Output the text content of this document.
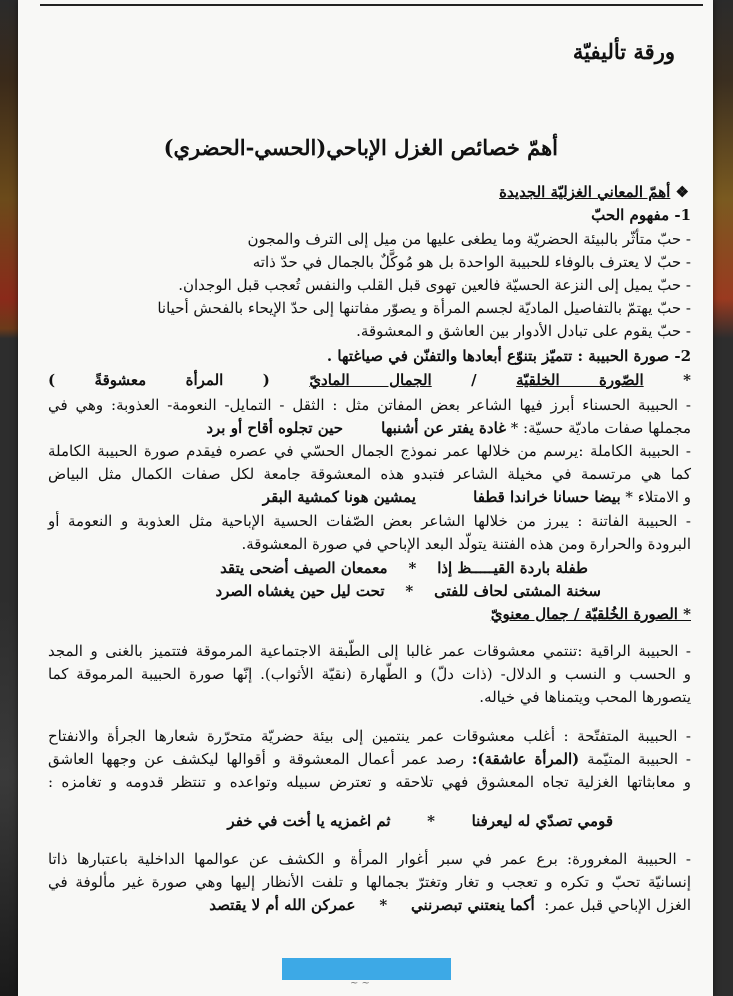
ورقة تأليفيّة
أهمّ خصائص الغزل الإباحي(الحسي-الحضري)
❖ أهمّ المعاني الغزليّة الجديدة
1- مفهوم الحبّ
- حبّ متأثّر بالبيئة الحضريّة وما يطغى عليها من ميل إلى الترف والمجون
- حبّ لا يعترف بالوفاء للحبيبة الواحدة بل هو مُوكَّلٌ بالجمال في حدّ ذاته
- حبّ يميل إلى النزعة الحسيّة فالعين تهوى قبل القلب والنفس تُعجب قبل الوجدان.
- حبّ يهتمّ بالتفاصيل الماديّة لجسم المرأة و يصوّر مفاتنها إلى حدّ الإيحاء بالفحش أحيانا
- حبّ يقوم على تبادل الأدوار بين العاشق و المعشوقة.
2- صورة الحبيبة : تتميّز بتنوّع أبعادها والتفنّن في صياغتها .
* الصّورة الخلقيّة / الجمال الماديّ ( المرأة معشوقةً )
- الحبيبة الحسناء أبرز فيها الشاعر بعض المفاتن مثل : الثقل - التمايل- النعومة- العذوبة: وهي في
مجملها صفات ماديّة حسيّة: * غادة يفتر عن أشنبها        حين تجلوه أقاح أو برد
- الحبيبة الكاملة :يرسم من خلالها عمر نموذج الجمال الحسّي في عصره فيقدم صورة الحبيبة الكاملة
كما هي مرتسمة في مخيلة الشاعر فتبدو هذه المعشوقة جامعة لكل صفات الكمال مثل البياض
و الامتلاء * بيضا حسانا خراندا قطفا            يمشين هونا كمشية البقر
- الحبيبة الفاتنة : يبرز من خلالها الشاعر بعض الصّفات الحسية الإباحية مثل العذوبة و النعومة أو
البرودة والحرارة ومن هذه الفتنة يتولّد البعد الإباحي في صورة المعشوقة.
طفلة باردة القيـــــظ إذا    *    معمعان الصيف أضحى يتقد
سخنة المشتى لحاف للفتى    *    تحت ليل حين يغشاه الصرد
* الصورة الخُلقيّة / جمال معنويّ
- الحبيبة الراقية :تنتمي معشوقات عمر غالبا إلى الطّبقة الاجتماعية المرموقة فتتميز بالغنى و المجد
و الحسب و النسب و الدلال- (ذات دلّ) و الطّهارة (نقيّة الأثواب). إنّها صورة الحبيبة المرموقة كما
يتصورها المحب ويتمناها في خياله.
- الحبيبة المتفتّحة : أغلب معشوقات عمر ينتمين إلى بيئة حضريّة متحرّرة شعارها الجرأة والانفتاح
- الحبيبة المتيّمة (المرأة عاشقة): رصد عمر أعمال المعشوقة و أقوالها ليكشف عن وجهها العاشق
و معابثاتها الغزلية تجاه المعشوق فهي تلاحقه و تعترض سبيله وتواعده و تنتظر قدومه و تغامزه :
قومي تصدّي له ليعرفنا       *       ثم اغمزيه يا أخت في خفر
- الحبيبة المغرورة: برع عمر في سبر أغوار المرأة و الكشف عن عوالمها الداخلية باعتبارها ذاتا
إنسانيّة تحبّ و تكره و تعجب و تغار وتغترّ بجمالها و تلفت الأنظار إليها وهي صورة غير مألوفة في
الغزل الإباحي قبل عمر:  أكما ينعتني تبصرنني     *     عمركن الله أم لا يقتصد
~ ~
